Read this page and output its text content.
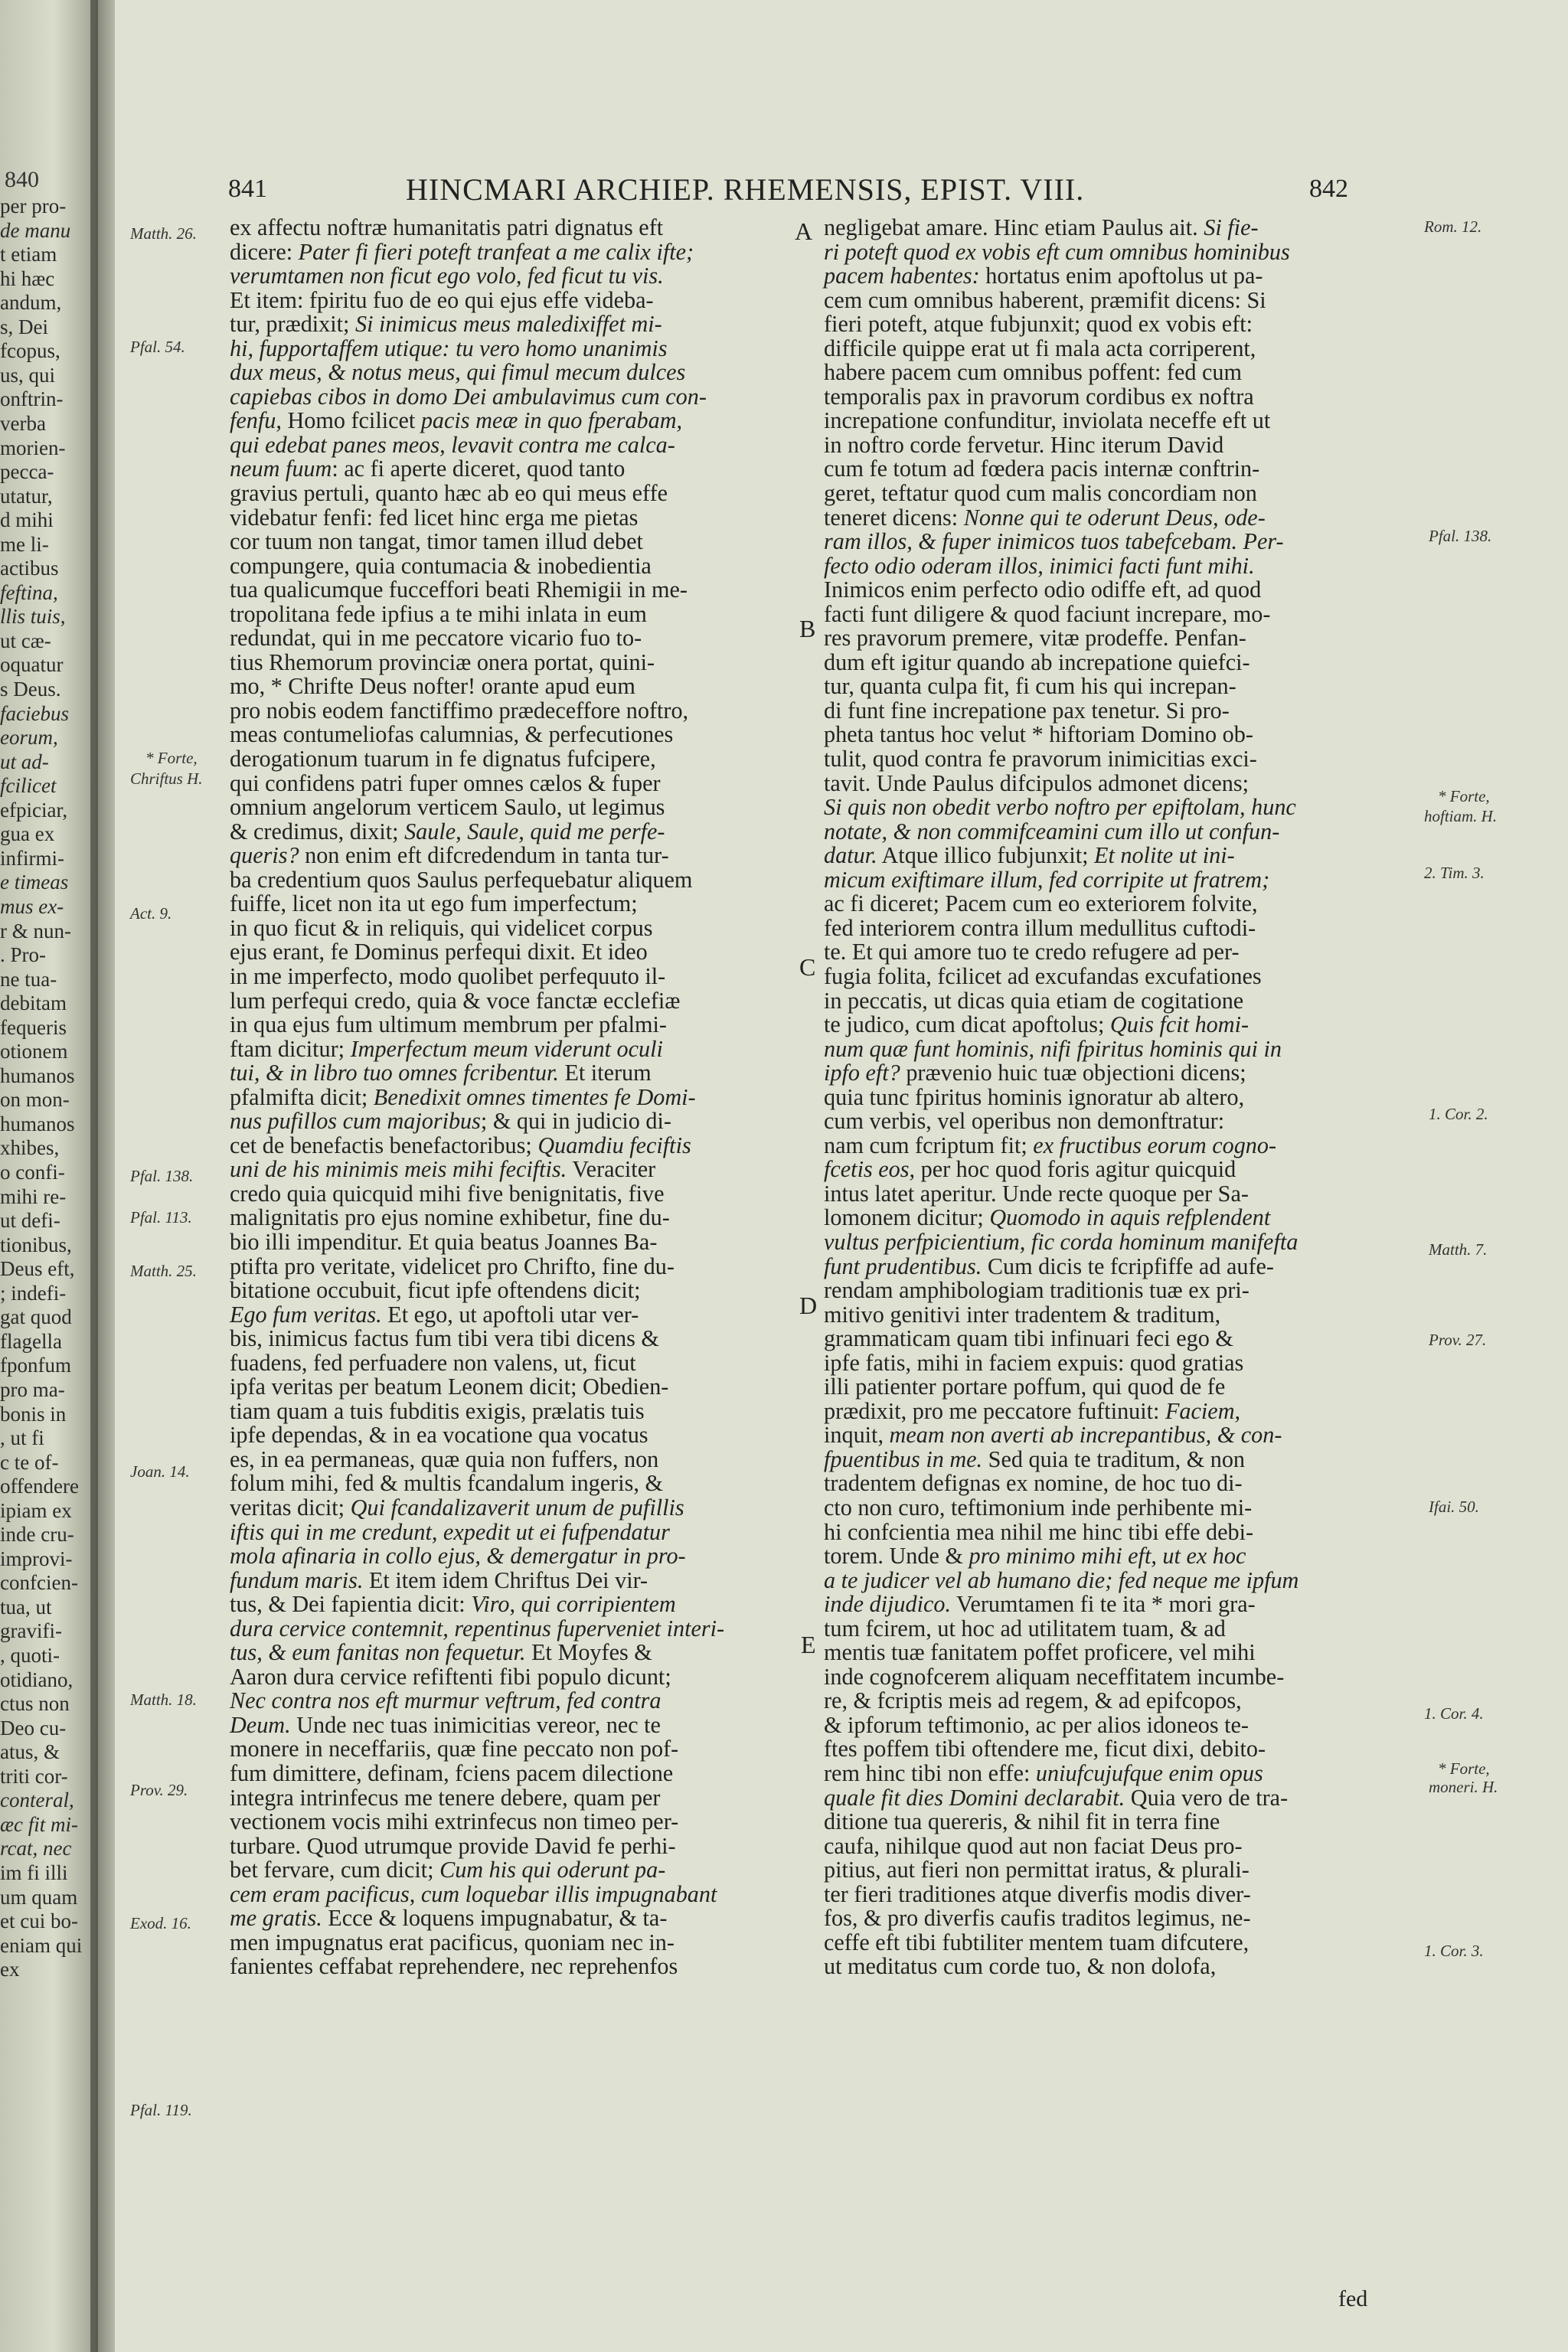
840
per pro-
de manu
t etiam
hi hæc
andum,
s, Dei
fcopus,
us, qui
onftrin-
verba
morien-
pecca-
utatur,
d mihi
me li-
actibus
feftina,
llis tuis,
ut cæ-
oquatur
s Deus.
faciebus
eorum,
ut ad-
fcilicet
efpiciar,
gua ex
infirmi-
e timeas
mus ex-
r & nun-
. Pro-
ne tua-
debitam
fequeris
otionem
humanos
on mon-
humanos
xhibes,
o confi-
mihi re-
ut defi-
tionibus,
Deus eft,
; indefi-
gat quod
flagella
fponfum
pro ma-
bonis in
, ut fi
c te of-
offendere
ipiam ex
inde cru-
improvi-
confcien-
tua, ut
gravifi-
, quoti-
otidiano,
ctus non
Deo cu-
atus, &
triti cor-
conteral,
æc fit mi-
rcat, nec
im fi illi
um quam
et cui bo-
eniam qui
ex
841	HINCMARI ARCHIEP. RHEMENSIS, EPIST. VIII.	842
ex affectu noftræ humanitatis patri dignatus eft
dicere: Pater fi fieri poteft tranfeat a me calix ifte;
verumtamen non ficut ego volo, fed ficut tu vis.
Et item: fpiritu fuo de eo qui ejus effe videba-
tur, prædixit; Si inimicus meus maledixiffet mi-
hi, fupportaffem utique: tu vero homo unanimis
dux meus, & notus meus, qui fimul mecum dulces
capiebas cibos in domo Dei ambulavimus cum con-
fenfu, Homo fcilicet pacis meæ in quo fperabam,
qui edebat panes meos, levavit contra me calca-
neum fuum: ac fi aperte diceret, quod tanto
gravius pertuli, quanto hæc ab eo qui meus effe
videbatur fenfi: fed licet hinc erga me pietas
cor tuum non tangat, timor tamen illud debet
compungere, quia contumacia & inobedientia
tua qualicumque fucceffori beati Rhemigii in me-
tropolitana fede ipfius a te mihi inlata in eum
redundat, qui in me peccatore vicario fuo to-
tius Rhemorum provinciæ onera portat, quini-
mo, * Chrifte Deus nofter! orante apud eum
pro nobis eodem fanctiffimo prædeceffore noftro,
meas contumeliofas calumnias, & perfecutiones
derogationum tuarum in fe dignatus fufcipere,
qui confidens patri fuper omnes cælos & fuper
omnium angelorum verticem Saulo, ut legimus
& credimus, dixit; Saule, Saule, quid me perfe-
queris? non enim eft difcredendum in tanta tur-
ba credentium quos Saulus perfequebatur aliquem
fuiffe, licet non ita ut ego fum imperfectum;
in quo ficut & in reliquis, qui videlicet corpus
ejus erant, fe Dominus perfequi dixit. Et ideo
in me imperfecto, modo quolibet perfequuto il-
lum perfequi credo, quia & voce fanctæ ecclefiæ
in qua ejus fum ultimum membrum per pfalmi-
ftam dicitur; Imperfectum meum viderunt oculi
tui, & in libro tuo omnes fcribentur. Et iterum
pfalmifta dicit; Benedixit omnes timentes fe Domi-
nus pufillos cum majoribus; & qui in judicio di-
cet de benefactis benefactoribus; Quamdiu feciftis
uni de his minimis meis mihi feciftis. Veraciter
credo quia quicquid mihi five benignitatis, five
malignitatis pro ejus nomine exhibetur, fine du-
bio illi impenditur. Et quia beatus Joannes Ba-
ptifta pro veritate, videlicet pro Chrifto, fine du-
bitatione occubuit, ficut ipfe oftendens dicit;
Ego fum veritas. Et ego, ut apoftoli utar ver-
bis, inimicus factus fum tibi vera tibi dicens &
fuadens, fed perfuadere non valens, ut, ficut
ipfa veritas per beatum Leonem dicit; Obedien-
tiam quam a tuis fubditis exigis, prælatis tuis
ipfe dependas, & in ea vocatione qua vocatus
es, in ea permaneas, quæ quia non fuffers, non
folum mihi, fed & multis fcandalum ingeris, &
veritas dicit; Qui fcandalizaverit unum de pufillis
iftis qui in me credunt, expedit ut ei fufpendatur
mola afinaria in collo ejus, & demergatur in pro-
fundum maris. Et item idem Chriftus Dei vir-
tus, & Dei fapientia dicit: Viro, qui corripientem
dura cervice contemnit, repentinus fuperveniet interi-
tus, & eum fanitas non fequetur. Et Moyfes &
Aaron dura cervice refiftenti fibi populo dicunt;
Nec contra nos eft murmur veftrum, fed contra
Deum. Unde nec tuas inimicitias vereor, nec te
monere in neceffariis, quæ fine peccato non pof-
fum dimittere, definam, fciens pacem dilectione
integra intrinfecus me tenere debere, quam per
vectionem vocis mihi extrinfecus non timeo per-
turbare. Quod utrumque provide David fe perhi-
bet fervare, cum dicit; Cum his qui oderunt pa-
cem eram pacificus, cum loquebar illis impugnabant
me gratis. Ecce & loquens impugnabatur, & ta-
men impugnatus erat pacificus, quoniam nec in-
fanientes ceffabat reprehendere, nec reprehenfos
negligebat amare. Hinc etiam Paulus ait. Si fie-
ri poteft quod ex vobis eft cum omnibus hominibus
pacem habentes: hortatus enim apoftolus ut pa-
cem cum omnibus haberent, præmifit dicens: Si
fieri poteft, atque fubjunxit; quod ex vobis eft:
difficile quippe erat ut fi mala acta corriperent,
habere pacem cum omnibus poffent: fed cum
temporalis pax in pravorum cordibus ex noftra
increpatione confunditur, inviolata neceffe eft ut
in noftro corde fervetur. Hinc iterum David
cum fe totum ad fœdera pacis internæ conftrin-
geret, teftatur quod cum malis concordiam non
teneret dicens: Nonne qui te oderunt Deus, ode-
ram illos, & fuper inimicos tuos tabefcebam. Per-
fecto odio oderam illos, inimici facti funt mihi.
Inimicos enim perfecto odio odiffe eft, ad quod
facti funt diligere & quod faciunt increpare, mo-
res pravorum premere, vitæ prodeffe. Penfan-
dum eft igitur quando ab increpatione quiefci-
tur, quanta culpa fit, fi cum his qui increpan-
di funt fine increpatione pax tenetur. Si pro-
pheta tantus hoc velut * hiftoriam Domino ob-
tulit, quod contra fe pravorum inimicitias exci-
tavit. Unde Paulus difcipulos admonet dicens;
Si quis non obedit verbo noftro per epiftolam, hunc
notate, & non commifceamini cum illo ut confun-
datur. Atque illico fubjunxit; Et nolite ut ini-
micum exiftimare illum, fed corripite ut fratrem;
ac fi diceret; Pacem cum eo exteriorem folvite,
fed interiorem contra illum medullitus cuftodi-
te. Et qui amore tuo te credo refugere ad per-
fugia folita, fcilicet ad excufandas excufationes
in peccatis, ut dicas quia etiam de cogitatione
te judico, cum dicat apoftolus; Quis fcit homi-
num quæ funt hominis, nifi fpiritus hominis qui in
ipfo eft? prævenio huic tuæ objectioni dicens;
quia tunc fpiritus hominis ignoratur ab altero,
cum verbis, vel operibus non demonftratur:
nam cum fcriptum fit; ex fructibus eorum cogno-
fcetis eos, per hoc quod foris agitur quicquid
intus latet aperitur. Unde recte quoque per Sa-
lomonem dicitur; Quomodo in aquis refplendent
vultus perfpicientium, fic corda hominum manifefta
funt prudentibus. Cum dicis te fcripfiffe ad aufe-
rendam amphibologiam traditionis tuæ ex pri-
mitivo genitivi inter tradentem & traditum,
grammaticam quam tibi infinuari feci ego &
ipfe fatis, mihi in faciem expuis: quod gratias
illi patienter portare poffum, qui quod de fe
prædixit, pro me peccatore fuftinuit: Faciem,
inquit, meam non averti ab increpantibus, & con-
fpuentibus in me. Sed quia te traditum, & non
tradentem defignas ex nomine, de hoc tuo di-
cto non curo, teftimonium inde perhibente mi-
hi confcientia mea nihil me hinc tibi effe debi-
torem. Unde & pro minimo mihi eft, ut ex hoc
a te judicer vel ab humano die; fed neque me ipfum
inde dijudico. Verumtamen fi te ita * mori gra-
tum fcirem, ut hoc ad utilitatem tuam, & ad
mentis tuæ fanitatem poffet proficere, vel mihi
inde cognofcerem aliquam neceffitatem incumbe-
re, & fcriptis meis ad regem, & ad epifcopos,
& ipforum teftimonio, ac per alios idoneos te-
ftes poffem tibi oftendere me, ficut dixi, debito-
rem hinc tibi non effe: uniufcujufque enim opus
quale fit dies Domini declarabit. Quia vero de tra-
ditione tua quereris, & nihil fit in terra fine
caufa, nihilque quod aut non faciat Deus pro-
pitius, aut fieri non permittat iratus, & plurali-
ter fieri traditiones atque diverfis modis diver-
fos, & pro diverfis caufis traditos legimus, ne-
ceffe eft tibi fubtiliter mentem tuam difcutere,
ut meditatus cum corde tuo, & non dolofa,
A
B
C
D
E
Matth. 26.
Pfal. 54.
* Forte,
Chriftus H.
Act. 9.
Pfal. 138.
Pfal. 113.
Matth. 25.
Joan. 14.
Matth. 18.
Prov. 29.
Exod. 16.
Pfal. 119.
Rom. 12.
Pfal. 138.
* Forte,
hoftiam. H.
2. Tim. 3.
1. Cor. 2.
Matth. 7.
Prov. 27.
Ifai. 50.
1. Cor. 4.
* Forte,
moneri. H.
1. Cor. 3.
fed
